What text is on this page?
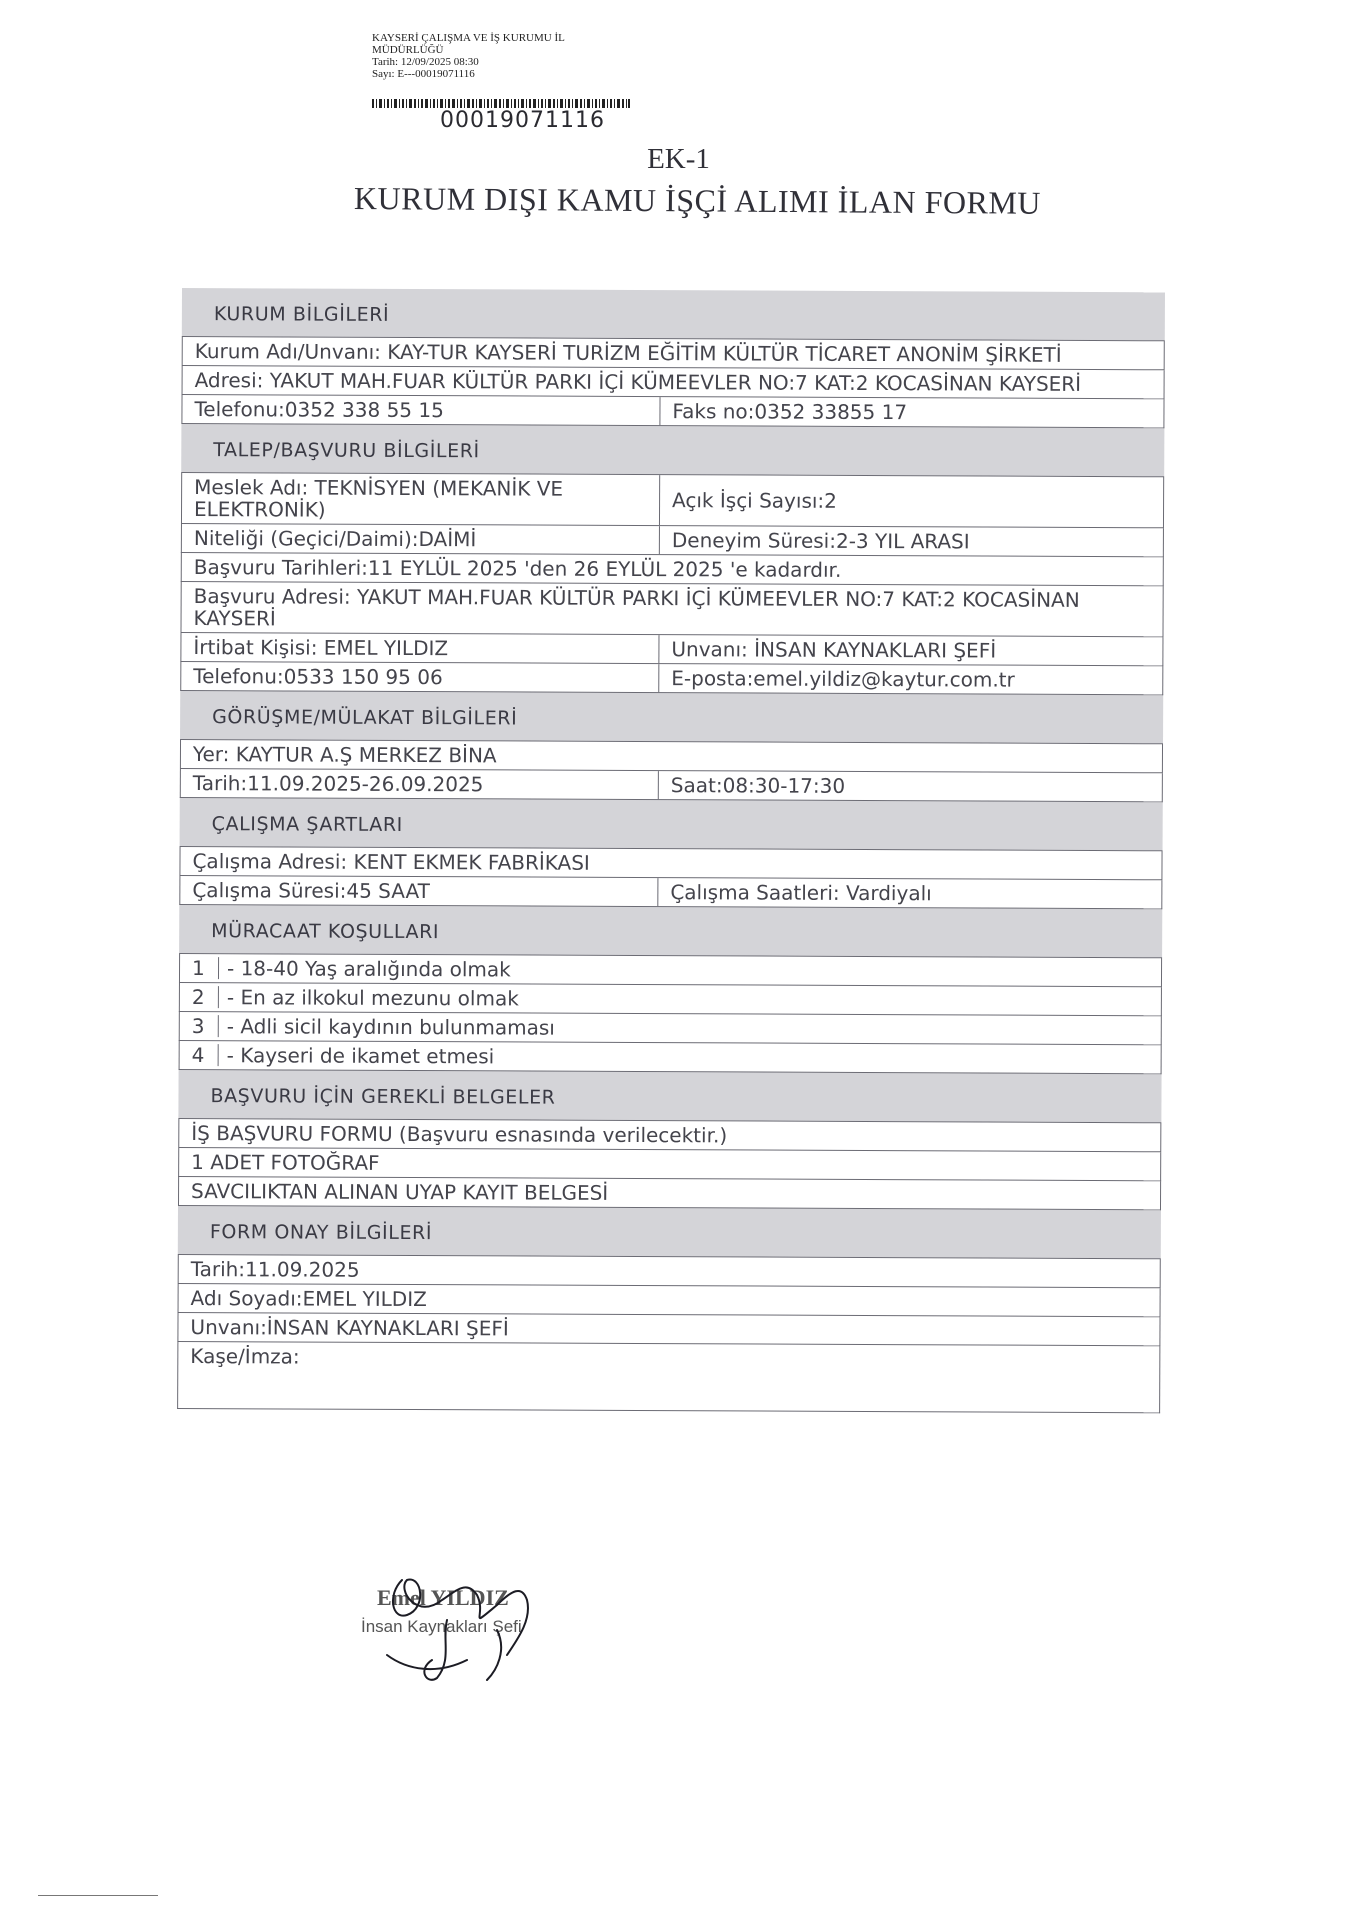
KAYSERİ ÇALIŞMA VE İŞ KURUMU İL
MÜDÜRLÜĞÜ
Tarih: 12/09/2025 08:30
Sayı: E---00019071116
00019071116
EK-1
KURUM DIŞI KAMU İŞÇİ ALIMI İLAN FORMU
KURUM BİLGİLERİ
Kurum Adı/Unvanı: KAY-TUR KAYSERİ TURİZM EĞİTİM KÜLTÜR TİCARET ANONİM ŞİRKETİ
Adresi: YAKUT MAH.FUAR KÜLTÜR PARKI İÇİ KÜMEEVLER NO:7 KAT:2 KOCASİNAN KAYSERİ
Telefonu:0352 338 55 15	Faks no:0352 33855 17
TALEP/BAŞVURU BİLGİLERİ
Meslek Adı: TEKNİSYEN (MEKANİK VE ELEKTRONİK)	Açık İşçi Sayısı:2
Niteliği (Geçici/Daimi):DAİMİ	Deneyim Süresi:2-3 YIL ARASI
Başvuru Tarihleri:11 EYLÜL 2025 'den 26 EYLÜL 2025 'e kadardır.
Başvuru Adresi: YAKUT MAH.FUAR KÜLTÜR PARKI İÇİ KÜMEEVLER NO:7 KAT:2 KOCASİNAN KAYSERİ
İrtibat Kişisi: EMEL YILDIZ	Unvanı: İNSAN KAYNAKLARI ŞEFİ
Telefonu:0533 150 95 06	E-posta:emel.yildiz@kaytur.com.tr
GÖRÜŞME/MÜLAKAT BİLGİLERİ
Yer: KAYTUR A.Ş MERKEZ BİNA
Tarih:11.09.2025-26.09.2025	Saat:08:30-17:30
ÇALIŞMA ŞARTLARI
Çalışma Adresi: KENT EKMEK FABRİKASI
Çalışma Süresi:45 SAAT	Çalışma Saatleri: Vardiyalı
MÜRACAAT KOŞULLARI
1 - 18-40 Yaş aralığında olmak
2 - En az ilkokul mezunu olmak
3 - Adli sicil kaydının bulunmaması
4 - Kayseri de ikamet etmesi
BAŞVURU İÇİN GEREKLİ BELGELER
İŞ BAŞVURU FORMU (Başvuru esnasında verilecektir.)
1 ADET FOTOĞRAF
SAVCILIKTAN ALINAN UYAP KAYIT BELGESİ
FORM ONAY BİLGİLERİ
Tarih:11.09.2025
Adı Soyadı:EMEL YILDIZ
Unvanı:İNSAN KAYNAKLARI ŞEFİ
Kaşe/İmza:
Emel YILDIZ
İnsan Kaynakları Şefi
